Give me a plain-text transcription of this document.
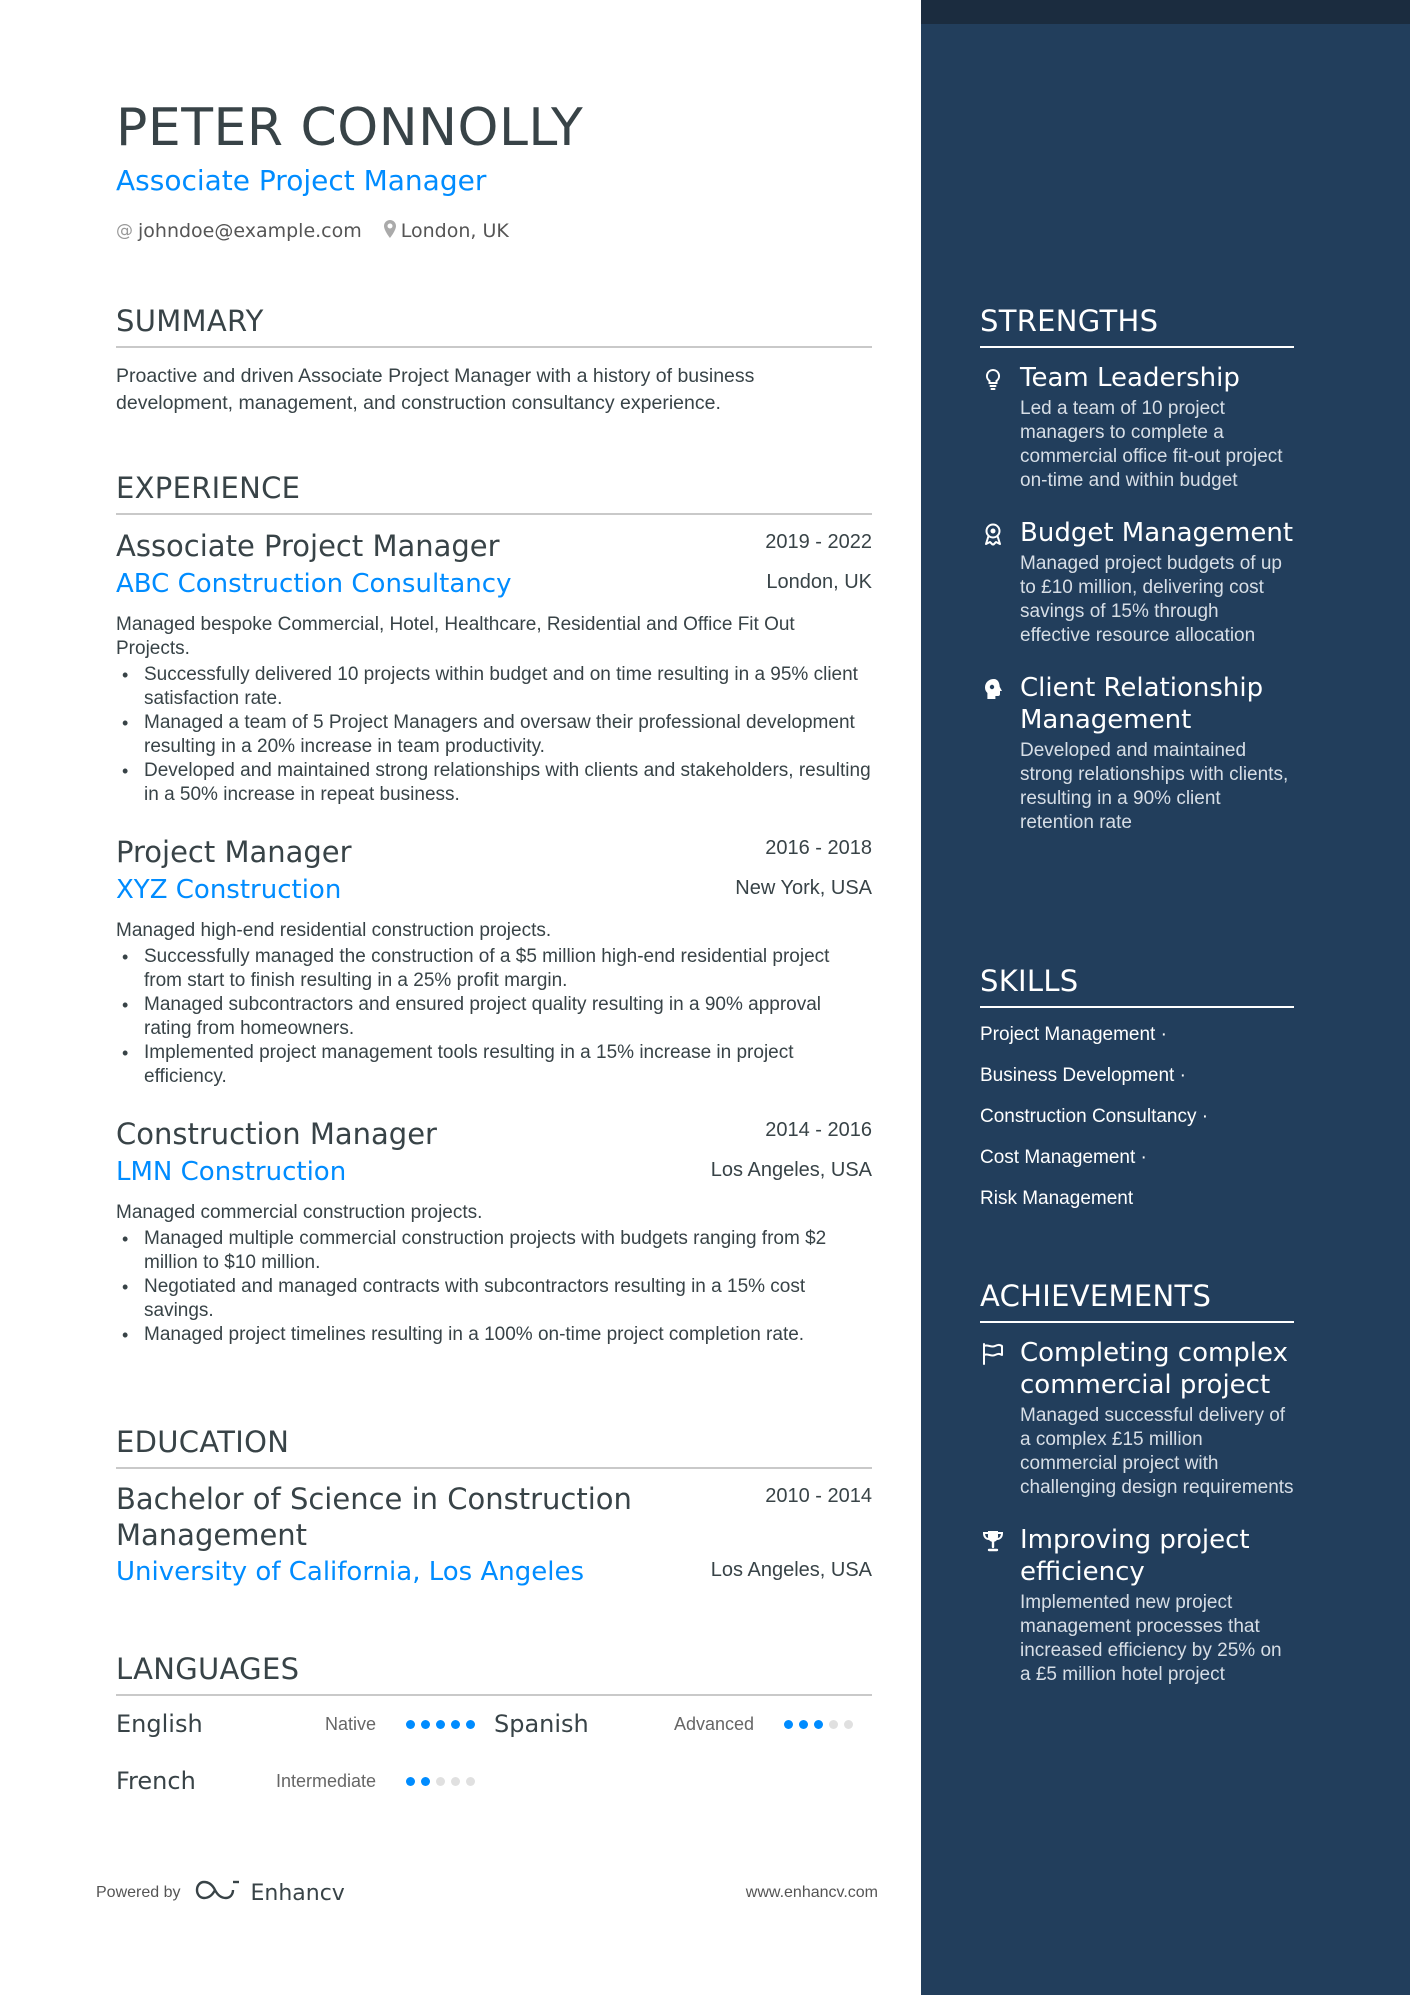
PETER CONNOLLY
Associate Project Manager
@ johndoe@example.com London, UK
SUMMARY
Proactive and driven Associate Project Manager with a history of business development, management, and construction consultancy experience.
EXPERIENCE
Associate Project Manager	2019 - 2022
ABC Construction Consultancy	London, UK
Managed bespoke Commercial, Hotel, Healthcare, Residential and Office Fit Out Projects.
• Successfully delivered 10 projects within budget and on time resulting in a 95% client satisfaction rate.
• Managed a team of 5 Project Managers and oversaw their professional development resulting in a 20% increase in team productivity.
• Developed and maintained strong relationships with clients and stakeholders, resulting in a 50% increase in repeat business.
Project Manager	2016 - 2018
XYZ Construction	New York, USA
Managed high-end residential construction projects.
• Successfully managed the construction of a $5 million high-end residential project from start to finish resulting in a 25% profit margin.
• Managed subcontractors and ensured project quality resulting in a 90% approval rating from homeowners.
• Implemented project management tools resulting in a 15% increase in project efficiency.
Construction Manager	2014 - 2016
LMN Construction	Los Angeles, USA
Managed commercial construction projects.
• Managed multiple commercial construction projects with budgets ranging from $2 million to $10 million.
• Negotiated and managed contracts with subcontractors resulting in a 15% cost savings.
• Managed project timelines resulting in a 100% on-time project completion rate.
EDUCATION
Bachelor of Science in Construction Management
2010 - 2014
University of California, Los Angeles	Los Angeles, USA
LANGUAGES
English	Native	Spanish	Advanced
French	Intermediate
Powered by	Enhancv	www.enhancv.com
STRENGTHS
Team Leadership
Led a team of 10 project managers to complete a commercial office fit-out project on-time and within budget
Budget Management
Managed project budgets of up to £10 million, delivering cost savings of 15% through effective resource allocation
Client Relationship Management
Developed and maintained strong relationships with clients, resulting in a 90% client retention rate
SKILLS
Project Management ·
Business Development ·
Construction Consultancy ·
Cost Management ·
Risk Management
ACHIEVEMENTS
Completing complex commercial project
Managed successful delivery of a complex £15 million commercial project with challenging design requirements
Improving project efficiency
Implemented new project management processes that increased efficiency by 25% on a £5 million hotel project
